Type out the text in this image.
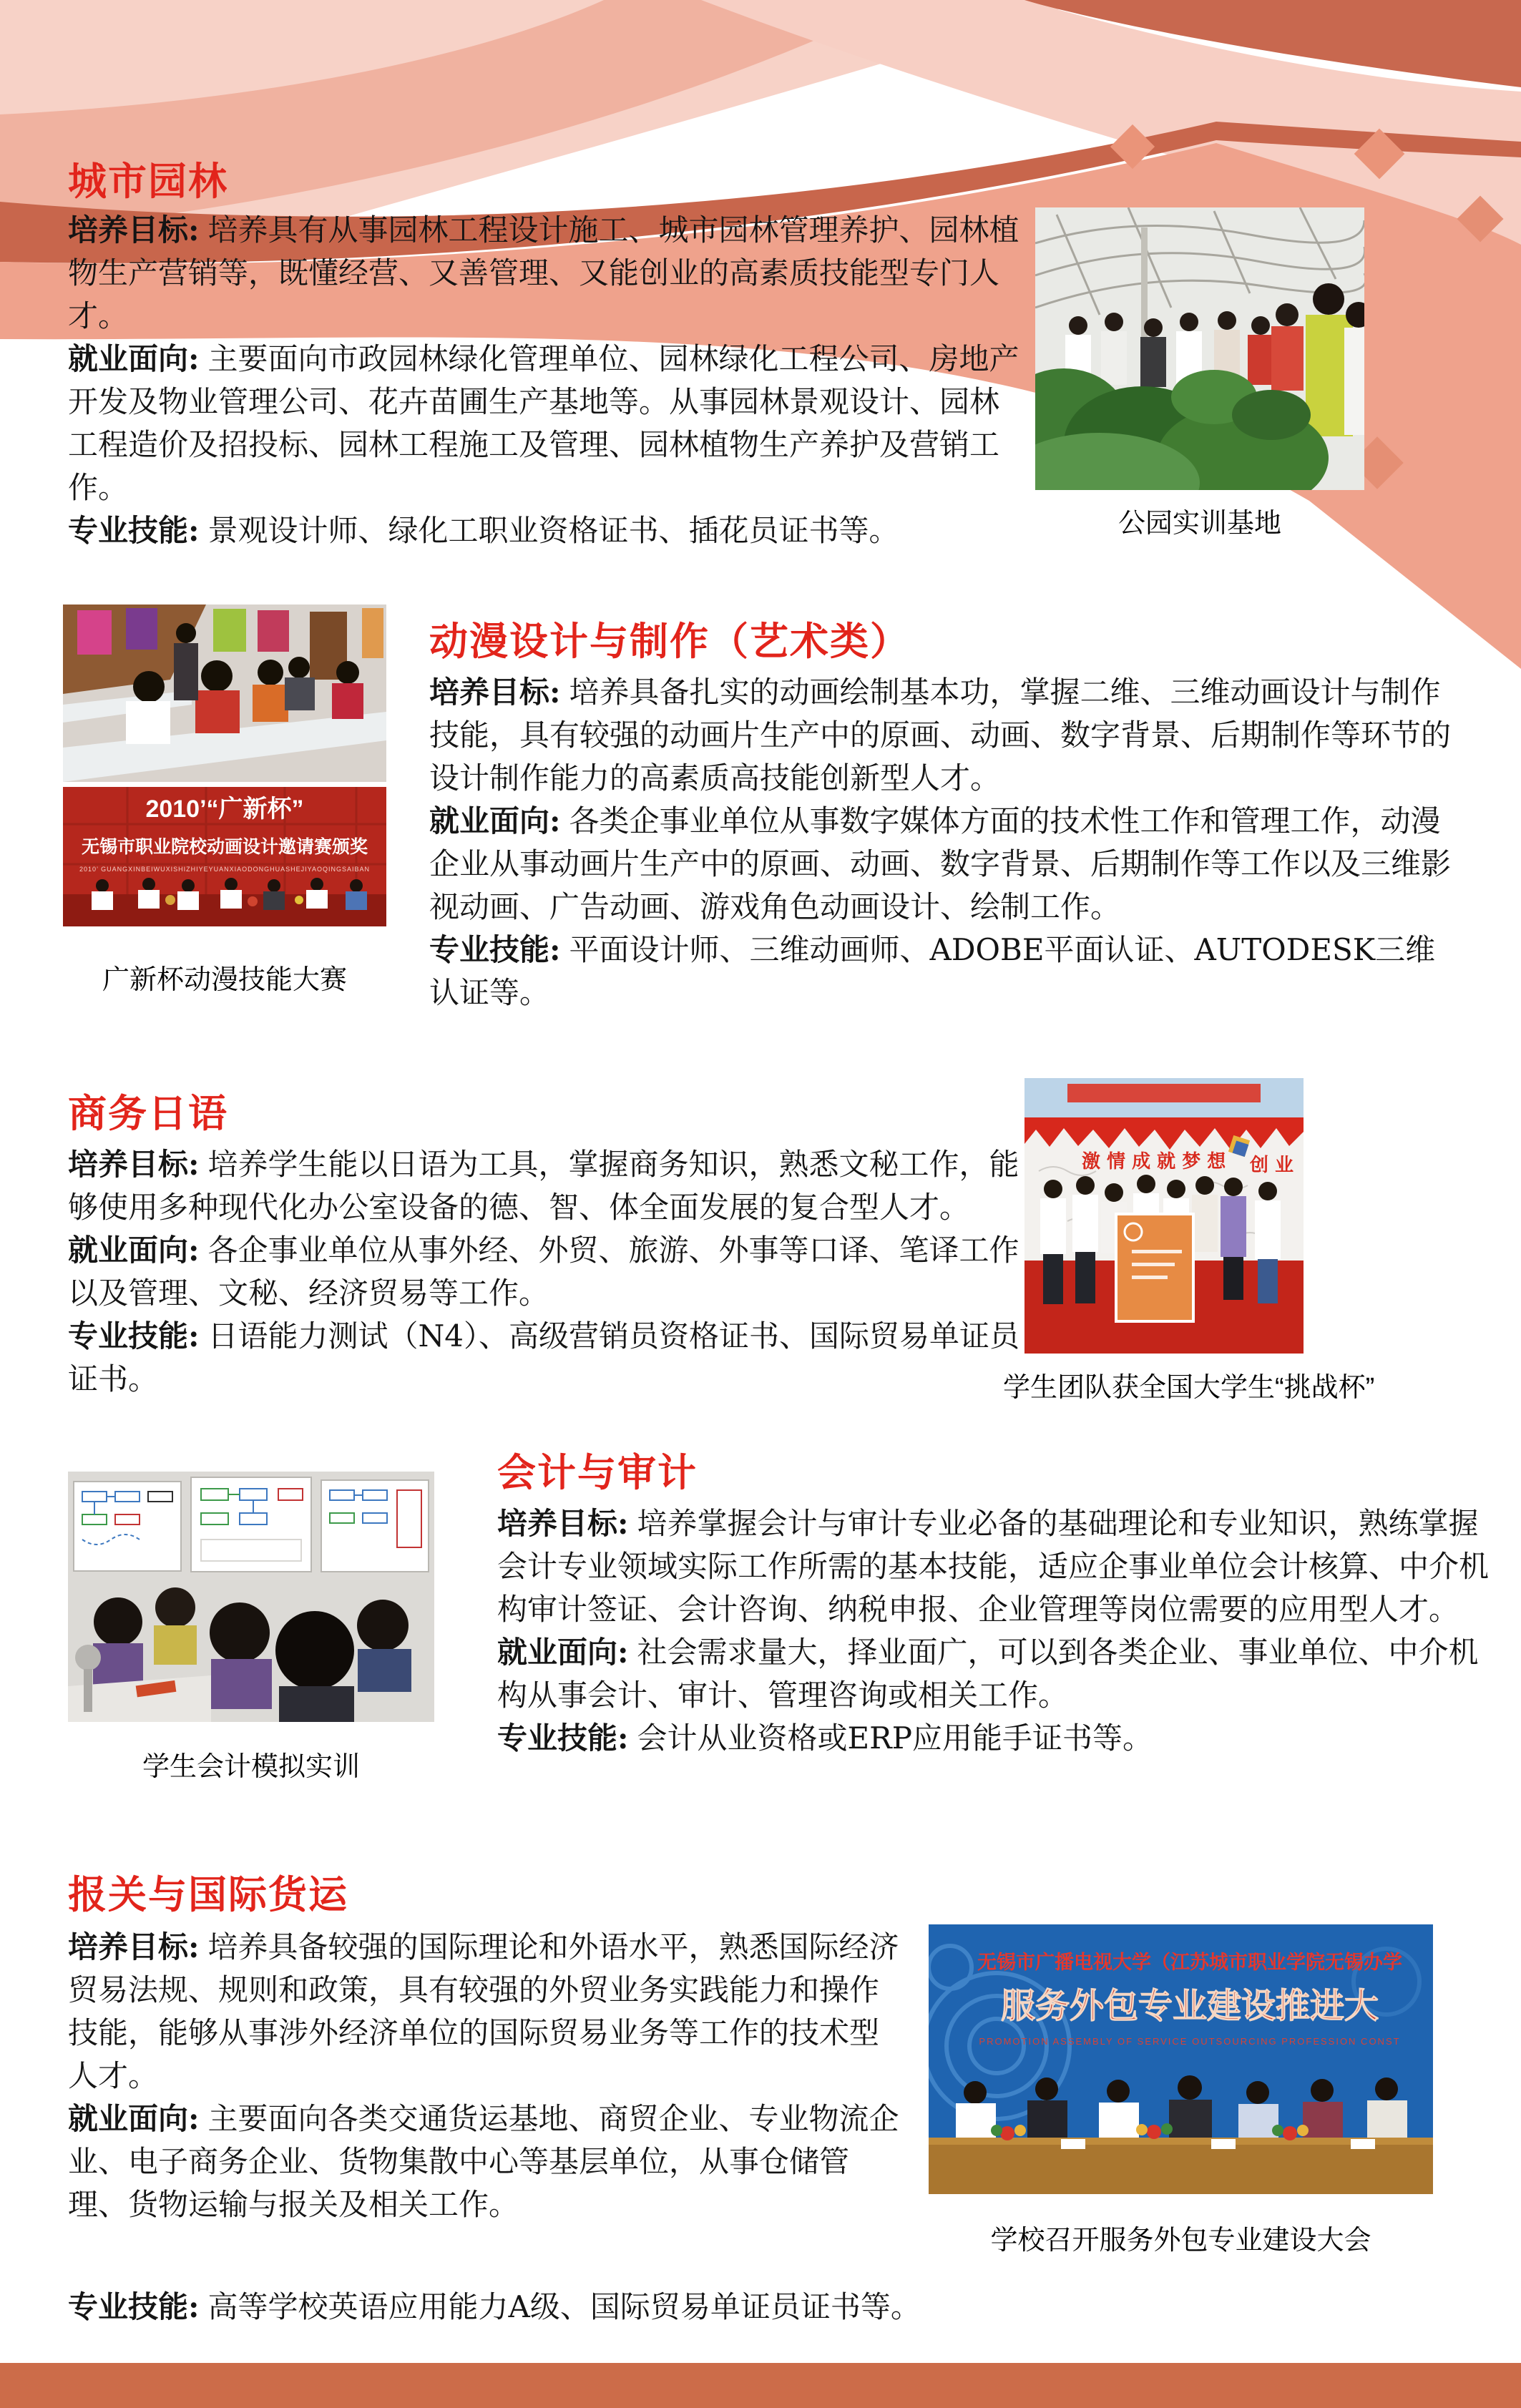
城市园林

培养目标: 培养具有从事园林工程设计施工、城市园林管理养护、园林植物生产营销等，既懂经营、又善管理、又能创业的高素质技能型专门人才。

就业面向: 主要面向市政园林绿化管理单位、园林绿化工程公司、房地产开发及物业管理公司、花卉苗圃生产基地等。从事园林景观设计、园林工程造价及招投标、园林工程施工及管理、园林植物生产养护及营销工作。

专业技能: 景观设计师、绿化工职业资格证书、插花员证书等。	公园实训基地
2010’“广新杯”
无锡市职业院校动画设计邀请赛颁奖
2010’ GUANGXINBEIWUXISHIZHIYEYUANXIAODONGHUASHEJIYAOQINGSAIBAN
广新杯动漫技能大赛
动漫设计与制作（艺术类）

培养目标: 培养具备扎实的动画绘制基本功，掌握二维、三维动画设计与制作技能，具有较强的动画片生产中的原画、动画、数字背景、后期制作等环节的设计制作能力的高素质高技能创新型人才。

就业面向: 各类企事业单位从事数字媒体方面的技术性工作和管理工作，动漫企业从事动画片生产中的原画、动画、数字背景、后期制作等工作以及三维影视动画、广告动画、游戏角色动画设计、绘制工作。

专业技能: 平面设计师、三维动画师、ADOBE平面认证、AUTODESK三维认证等。

商务日语

培养目标: 培养学生能以日语为工具，掌握商务知识，熟悉文秘工作，能够使用多种现代化办公室设备的德、智、体全面发展的复合型人才。

就业面向: 各企事业单位从事外经、外贸、旅游、外事等口译、笔译工作以及管理、文秘、经济贸易等工作。

专业技能: 日语能力测试（N4）、高级营销员资格证书、国际贸易单证员证书。

激 情 成 就 梦 想 创 业
学生团队获全国大学生“挑战杯”
学生会计模拟实训
会计与审计

培养目标: 培养掌握会计与审计专业必备的基础理论和专业知识，熟练掌握会计专业领域实际工作所需的基本技能，适应企事业单位会计核算、中介机构审计签证、会计咨询、纳税申报、企业管理等岗位需要的应用型人才。

就业面向: 社会需求量大，择业面广，可以到各类企业、事业单位、中介机构从事会计、审计、管理咨询或相关工作。

专业技能: 会计从业资格或ERP应用能手证书等。

报关与国际货运

培养目标: 培养具备较强的国际理论和外语水平，熟悉国际经济贸易法规、规则和政策，具有较强的外贸业务实践能力和操作技能，能够从事涉外经济单位的国际贸易业务等工作的技术型人才。

就业面向: 主要面向各类交通货运基地、商贸企业、专业物流企业、电子商务企业、货物集散中心等基层单位，从事仓储管理、货物运输与报关及相关工作。

专业技能: 高等学校英语应用能力A级、国际贸易单证员证书等。

无锡市广播电视大学（江苏城市职业学院无锡办学
服务外包专业建设推进大
PROMOTION ASSEMBLY OF SERVICE OUTSOURCING PROFESSION CONST
学校召开服务外包专业建设大会
